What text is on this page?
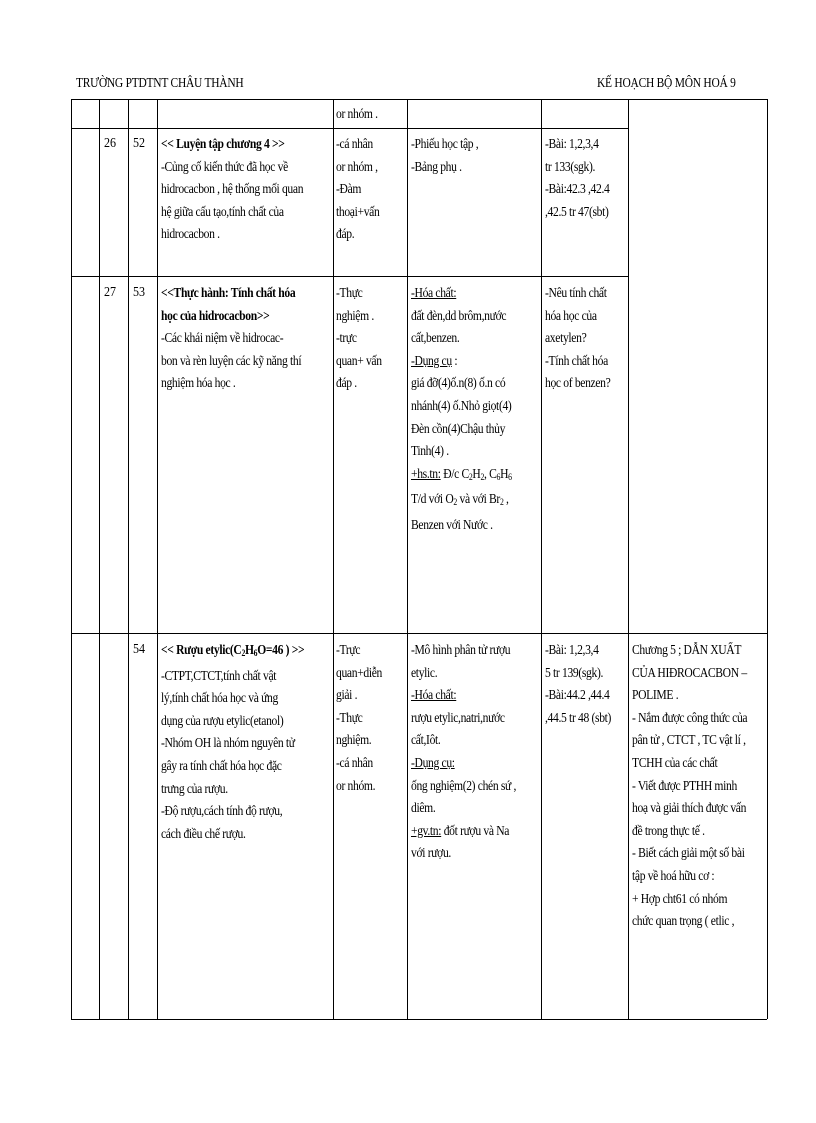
TRƯỜNG PTDTNT CHÂU THÀNH	KẾ HOẠCH BỘ MÔN HOÁ 9
or nhóm .
26 52 << Luyện tập chương 4 >>
-Củng cố kiến thức đã học về
hidrocacbon , hệ thống mối quan
hệ giữa cấu tạo,tính chất của
hidrocacbon .
-cá nhân
or nhóm ,
-Đàm
thoại+vấn
đáp.
-Phiếu học tập ,
-Bảng phụ .
-Bài: 1,2,3,4
tr 133(sgk).
-Bài:42.3 ,42.4
,42.5 tr 47(sbt)
27 53 <<Thực hành: Tính chất hóa
học của hidrocacbon>>
-Các khái niệm về hidrocac-
bon và rèn luyện các kỹ năng thí
nghiệm hóa học .
-Thực
nghiệm .
-trực
quan+ vấn
đáp .
-Hóa chất:
đất đèn,dd brôm,nước
cất,benzen.
-Dụng cụ :
giá đỡ(4)ố.n(8) ố.n có
nhánh(4) ố.Nhỏ giọt(4)
Đèn cồn(4)Chậu thủy
Tinh(4) .
+hs.tn: Đ/c $C_2H_2$, $C_6H_6$
T/d với $O_2$ và với $Br_2$ ,
Benzen với Nước .
-Nêu tính chất
hóa học của
axetylen?
-Tính chất hóa
học of benzen?
54 << Rượu $etylic(C_2H_6O=46$ ) >>
-CTPT,CTCT,tính chất vật
lý,tính chất hóa học và ứng
dụng của rượu etylic(etanol)
-Nhóm OH là nhóm nguyên tử
gây ra tính chất hóa học đặc
trưng của rượu.
-Độ rượu,cách tính độ rượu,
cách điều chế rượu.
-Trực
quan+diễn
giải .
-Thực
nghiệm.
-cá nhân
or nhóm.
-Mô hình phân tử rượu
etylic.
-Hóa chất:
rượu etylic,natri,nước
cất,Iôt.
-Dụng cụ:
ống nghiệm(2) chén sứ ,
diêm.
+gv.tn: đốt rượu và Na
với rượu.
-Bài: 1,2,3,4
5 tr 139(sgk).
-Bài:44.2 ,44.4
,44.5 tr 48 (sbt)
Chương 5 ; DẪN XUẤT
CỦA HIĐROCACBON –
POLIME .
- Nắm được công thức của
pân tử , CTCT , TC vật lí ,
TCHH của các chất
- Viết được PTHH minh
hoạ và giải thích được vấn
đề trong thực tế .
- Biết cách giải một số bài
tập về hoá hữu cơ :
+ Hợp cht61 có nhóm
chức quan trọng ( etlic ,
